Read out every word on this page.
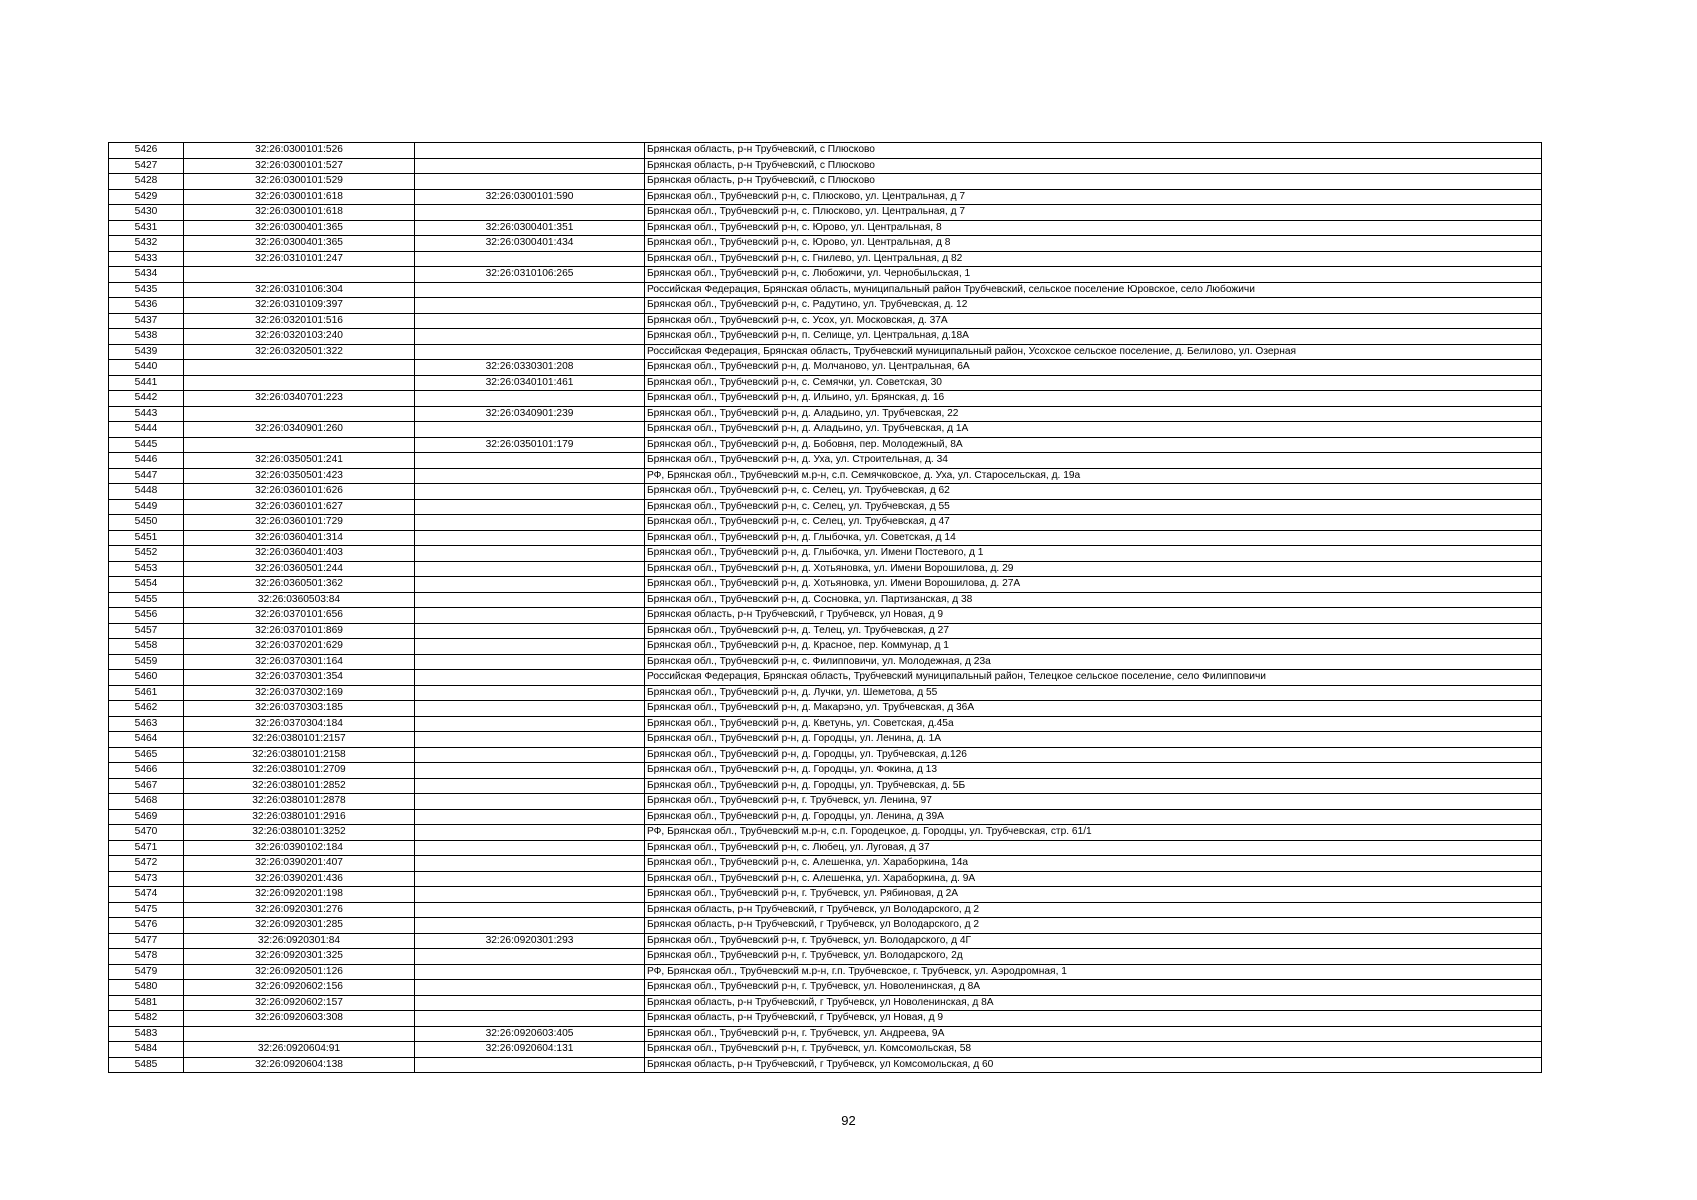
5426	32:26:0300101:526		Брянская область, р-н Трубчевский, с Плюсково
5427	32:26:0300101:527		Брянская область, р-н Трубчевский, с Плюсково
5428	32:26:0300101:529		Брянская область, р-н Трубчевский, с Плюсково
5429	32:26:0300101:618	32:26:0300101:590	Брянская обл., Трубчевский р-н, с. Плюсково, ул. Центральная, д 7
5430	32:26:0300101:618		Брянская обл., Трубчевский р-н, с. Плюсково, ул. Центральная, д 7
5431	32:26:0300401:365	32:26:0300401:351	Брянская обл., Трубчевский р-н, с. Юрово, ул. Центральная, 8
5432	32:26:0300401:365	32:26:0300401:434	Брянская обл., Трубчевский р-н, с. Юрово, ул. Центральная, д 8
5433	32:26:0310101:247		Брянская обл., Трубчевский р-н, с. Гнилево, ул. Центральная, д 82
5434		32:26:0310106:265	Брянская обл., Трубчевский р-н, с. Любожичи, ул. Чернобыльская, 1
5435	32:26:0310106:304		Российская Федерация, Брянская область, муниципальный район Трубчевский, сельское поселение Юровское, село Любожичи
5436	32:26:0310109:397		Брянская обл., Трубчевский р-н, с. Радутино, ул. Трубчевская, д. 12
5437	32:26:0320101:516		Брянская обл., Трубчевский р-н, с. Усох, ул. Московская, д. 37А
5438	32:26:0320103:240		Брянская обл., Трубчевский р-н, п. Селище, ул. Центральная, д.18А
5439	32:26:0320501:322		Российская Федерация, Брянская область, Трубчевский муниципальный район, Усохское сельское поселение, д. Белилово, ул. Озерная
5440		32:26:0330301:208	Брянская обл., Трубчевский р-н, д. Молчаново, ул. Центральная, 6А
5441		32:26:0340101:461	Брянская обл., Трубчевский р-н, с. Семячки, ул. Советская, 30
5442	32:26:0340701:223		Брянская обл., Трубчевский р-н, д. Ильино, ул. Брянская, д. 16
5443		32:26:0340901:239	Брянская обл., Трубчевский р-н, д. Аладьино, ул. Трубчевская, 22
5444	32:26:0340901:260		Брянская обл., Трубчевский р-н, д. Аладьино, ул. Трубчевская, д 1А
5445		32:26:0350101:179	Брянская обл., Трубчевский р-н, д. Бобовня, пер. Молодежный, 8А
5446	32:26:0350501:241		Брянская обл., Трубчевский р-н, д. Уха, ул. Строительная, д. 34
5447	32:26:0350501:423		РФ, Брянская обл., Трубчевский м.р-н, с.п. Семячковское, д. Уха, ул. Старосельская, д. 19а
5448	32:26:0360101:626		Брянская обл., Трубчевский р-н, с. Селец, ул. Трубчевская, д 62
5449	32:26:0360101:627		Брянская обл., Трубчевский р-н, с. Селец, ул. Трубчевская, д 55
5450	32:26:0360101:729		Брянская обл., Трубчевский р-н, с. Селец, ул. Трубчевская, д 47
5451	32:26:0360401:314		Брянская обл., Трубчевский р-н, д. Глыбочка, ул. Советская, д 14
5452	32:26:0360401:403		Брянская обл., Трубчевский р-н, д. Глыбочка, ул. Имени Постевого, д 1
5453	32:26:0360501:244		Брянская обл., Трубчевский р-н, д. Хотьяновка, ул. Имени Ворошилова, д. 29
5454	32:26:0360501:362		Брянская обл., Трубчевский р-н, д. Хотьяновка, ул. Имени Ворошилова, д. 27А
5455	32:26:0360503:84		Брянская обл., Трубчевский р-н, д. Сосновка, ул. Партизанская, д 38
5456	32:26:0370101:656		Брянская область, р-н Трубчевский, г Трубчевск, ул Новая, д 9
5457	32:26:0370101:869		Брянская обл., Трубчевский р-н, д. Телец, ул. Трубчевская, д 27
5458	32:26:0370201:629		Брянская обл., Трубчевский р-н, д. Красное, пер. Коммунар, д 1
5459	32:26:0370301:164		Брянская обл., Трубчевский р-н, с. Филипповичи, ул. Молодежная, д 23а
5460	32:26:0370301:354		Российская Федерация, Брянская область, Трубчевский муниципальный район, Телецкое сельское поселение, село Филипповичи
5461	32:26:0370302:169		Брянская обл., Трубчевский р-н, д. Лучки, ул. Шеметова, д 55
5462	32:26:0370303:185		Брянская обл., Трубчевский р-н, д. Макарэно, ул. Трубчевская, д 36А
5463	32:26:0370304:184		Брянская обл., Трубчевский р-н, д. Кветунь, ул. Советская, д.45а
5464	32:26:0380101:2157		Брянская обл., Трубчевский р-н, д. Городцы, ул. Ленина, д. 1А
5465	32:26:0380101:2158		Брянская обл., Трубчевский р-н, д. Городцы, ул. Трубчевская, д.126
5466	32:26:0380101:2709		Брянская обл., Трубчевский р-н, д. Городцы, ул. Фокина, д 13
5467	32:26:0380101:2852		Брянская обл., Трубчевский р-н, д. Городцы, ул. Трубчевская, д. 5Б
5468	32:26:0380101:2878		Брянская обл., Трубчевский р-н, г. Трубчевск, ул. Ленина, 97
5469	32:26:0380101:2916		Брянская обл., Трубчевский р-н, д. Городцы, ул. Ленина, д 39А
5470	32:26:0380101:3252		РФ, Брянская обл., Трубчевский м.р-н, с.п. Городецкое, д. Городцы, ул. Трубчевская, стр. 61/1
5471	32:26:0390102:184		Брянская обл., Трубчевский р-н, с. Любец, ул. Луговая, д 37
5472	32:26:0390201:407		Брянская обл., Трубчевский р-н, с. Алешенка, ул. Хараборкина, 14а
5473	32:26:0390201:436		Брянская обл., Трубчевский р-н, с. Алешенка, ул. Хараборкина, д. 9А
5474	32:26:0920201:198		Брянская обл., Трубчевский р-н, г. Трубчевск, ул. Рябиновая, д 2А
5475	32:26:0920301:276		Брянская область, р-н Трубчевский, г Трубчевск, ул Володарского, д 2
5476	32:26:0920301:285		Брянская область, р-н Трубчевский, г Трубчевск, ул Володарского, д 2
5477	32:26:0920301:84	32:26:0920301:293	Брянская обл., Трубчевский р-н, г. Трубчевск, ул. Володарского, д 4Г
5478	32:26:0920301:325		Брянская обл., Трубчевский р-н, г. Трубчевск, ул. Володарского, 2д
5479	32:26:0920501:126		РФ, Брянская обл., Трубчевский м.р-н, г.п. Трубчевское, г. Трубчевск, ул. Аэродромная, 1
5480	32:26:0920602:156		Брянская обл., Трубчевский р-н, г. Трубчевск, ул. Новоленинская, д 8А
5481	32:26:0920602:157		Брянская область, р-н Трубчевский, г Трубчевск, ул Новоленинская, д 8А
5482	32:26:0920603:308		Брянская область, р-н Трубчевский, г Трубчевск, ул Новая, д 9
5483		32:26:0920603:405	Брянская обл., Трубчевский р-н, г. Трубчевск, ул. Андреева, 9А
5484	32:26:0920604:91	32:26:0920604:131	Брянская обл., Трубчевский р-н, г. Трубчевск, ул. Комсомольская, 58
5485	32:26:0920604:138		Брянская область, р-н Трубчевский, г Трубчевск, ул Комсомольская, д 60
92
